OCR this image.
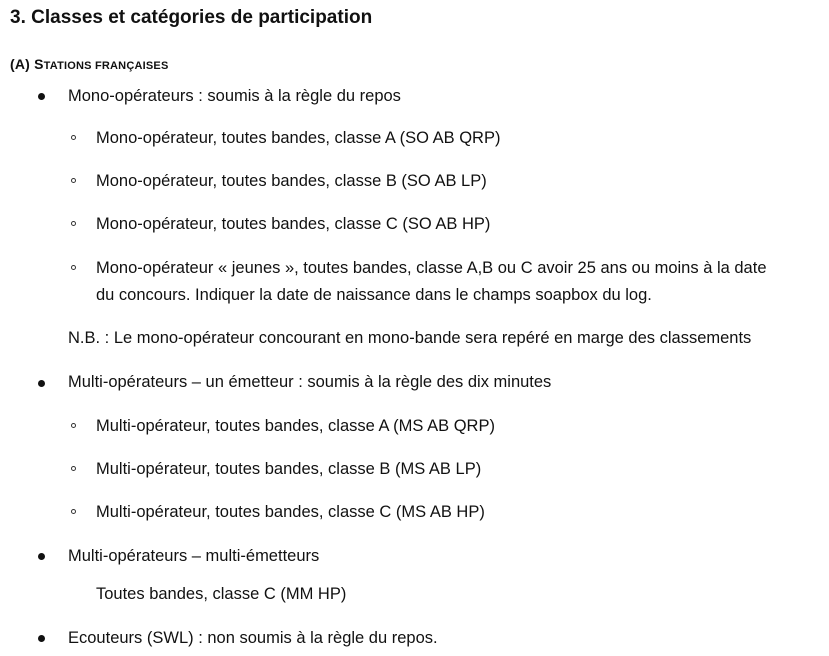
3. Classes et catégories de participation
(A) STATIONS FRANÇAISES
Mono-opérateurs : soumis à la règle du repos
Mono-opérateur, toutes bandes, classe A (SO AB QRP)
Mono-opérateur, toutes bandes, classe B (SO AB LP)
Mono-opérateur, toutes bandes, classe C (SO AB HP)
Mono-opérateur « jeunes », toutes bandes, classe A,B ou C avoir 25 ans ou moins à la date
du concours. Indiquer la date de naissance dans le champs soapbox du log.
N.B. : Le mono-opérateur concourant en mono-bande sera repéré en marge des classements
Multi-opérateurs – un émetteur : soumis à la règle des dix minutes
Multi-opérateur, toutes bandes, classe A (MS AB QRP)
Multi-opérateur, toutes bandes, classe B (MS AB LP)
Multi-opérateur, toutes bandes, classe C (MS AB HP)
Multi-opérateurs – multi-émetteurs
Toutes bandes, classe C (MM HP)
Ecouteurs (SWL) : non soumis à la règle du repos.
